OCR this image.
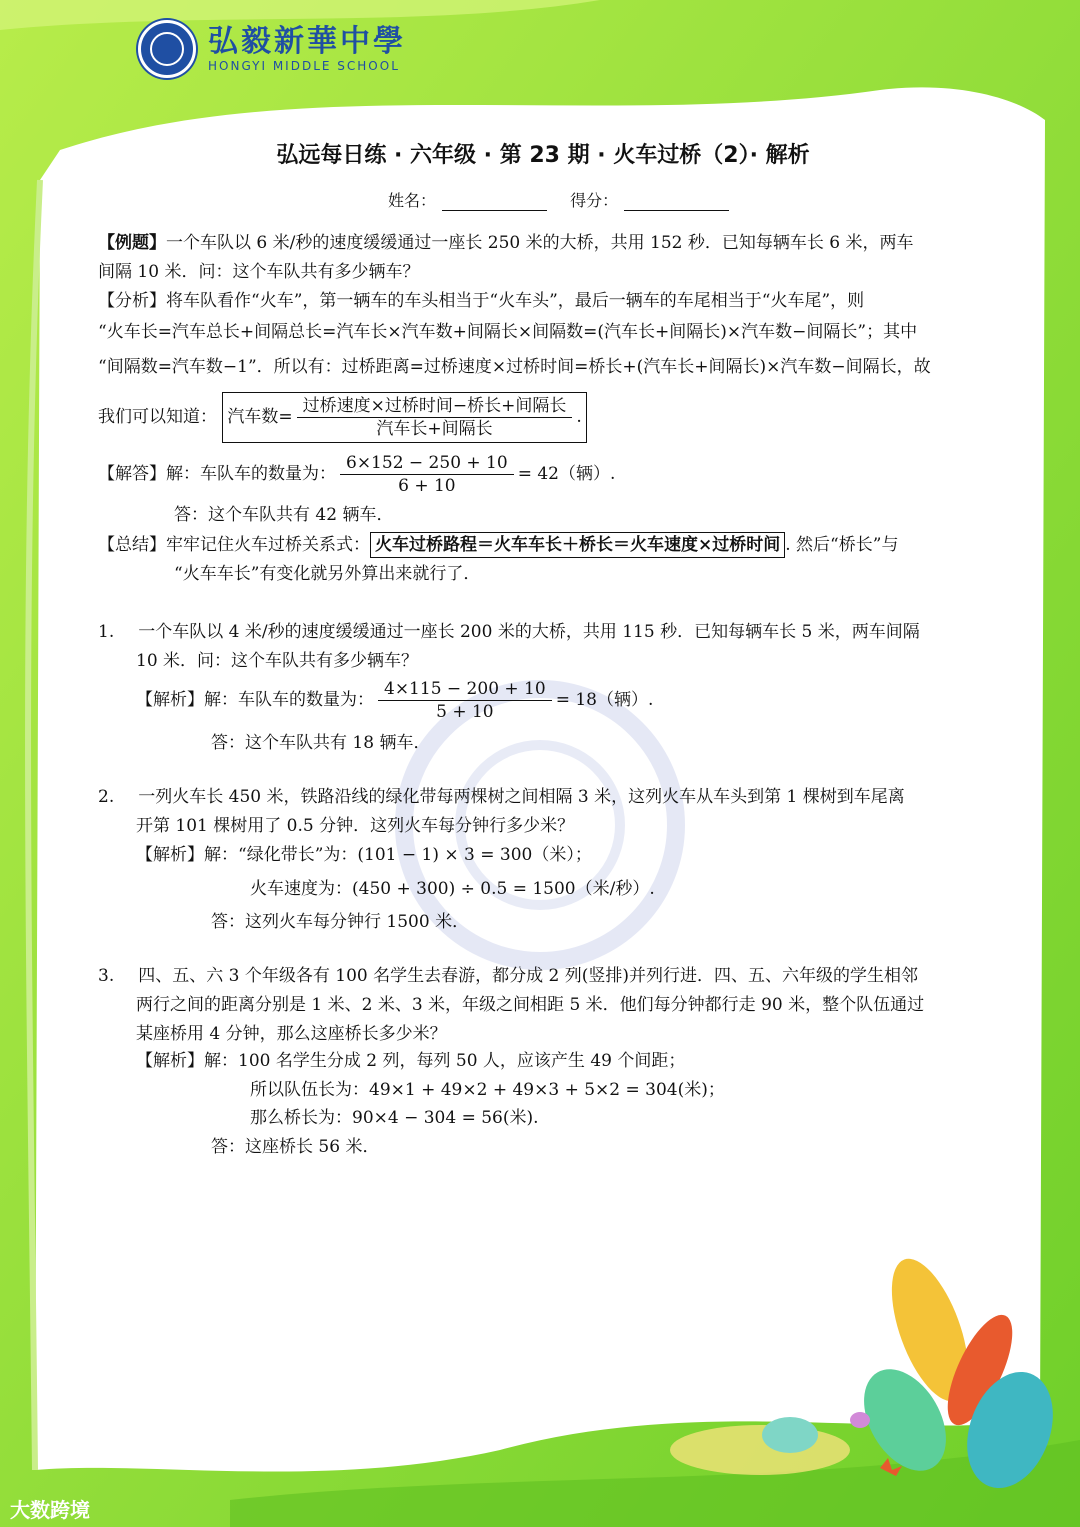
弘毅新華中學
HONGYI MIDDLE SCHOOL
弘远每日练 · 六年级 · 第 23 期 · 火车过桥（2）· 解析
姓名：	得分：
【例题】一个车队以 6 米/秒的速度缓缓通过一座长 250 米的大桥，共用 152 秒．已知每辆车长 6 米，两车
间隔 10 米．问：这个车队共有多少辆车？
【分析】将车队看作“火车”，第一辆车的车头相当于“火车头”，最后一辆车的车尾相当于“火车尾”，则
“火车长=汽车总长+间隔总长=汽车长×汽车数+间隔长×间隔数=(汽车长+间隔长)×汽车数−间隔长”；其中
“间隔数=汽车数−1”．所以有：过桥距离=过桥速度×过桥时间=桥长+(汽车长+间隔长)×汽车数−间隔长，故
我们可以知道： 汽车数= $\frac{\text{过桥速度×过桥时间−桥长+间隔长}}{\text{汽车长+间隔长}}$ .
【解答】解：车队车的数量为： $\frac{6\times 152 - 250 + 10}{6 + 10} = 42$（辆）.
答：这个车队共有 42 辆车．
【总结】牢牢记住火车过桥关系式： 火车过桥路程＝火车车长＋桥长＝火车速度×过桥时间 . 然后“桥长”与
“火车车长”有变化就另外算出来就行了．
1. 一个车队以 4 米/秒的速度缓缓通过一座长 200 米的大桥，共用 115 秒．已知每辆车长 5 米，两车间隔
10 米．问：这个车队共有多少辆车？
【解析】解：车队车的数量为： $\frac{4\times 115 - 200 + 10}{5 + 10} = 18$（辆）.
答：这个车队共有 18 辆车．
2. 一列火车长 450 米，铁路沿线的绿化带每两棵树之间相隔 3 米，这列火车从车头到第 1 棵树到车尾离
开第 101 棵树用了 0.5 分钟．这列火车每分钟行多少米？
【解析】解：“绿化带长”为：(101 − 1) × 3 = 300（米）；
火车速度为：(450 + 300) ÷ 0.5 = 1500（米/秒）.
答：这列火车每分钟行 1500 米．
3. 四、五、六 3 个年级各有 100 名学生去春游，都分成 2 列(竖排)并列行进．四、五、六年级的学生相邻
两行之间的距离分别是 1 米、2 米、3 米，年级之间相距 5 米．他们每分钟都行走 90 米，整个队伍通过
某座桥用 4 分钟，那么这座桥长多少米？
【解析】解：100 名学生分成 2 列，每列 50 人，应该产生 49 个间距；
所以队伍长为：49×1 + 49×2 + 49×3 + 5×2 = 304(米)；
那么桥长为：90×4 − 304 = 56(米).
答：这座桥长 56 米．
大数跨境
